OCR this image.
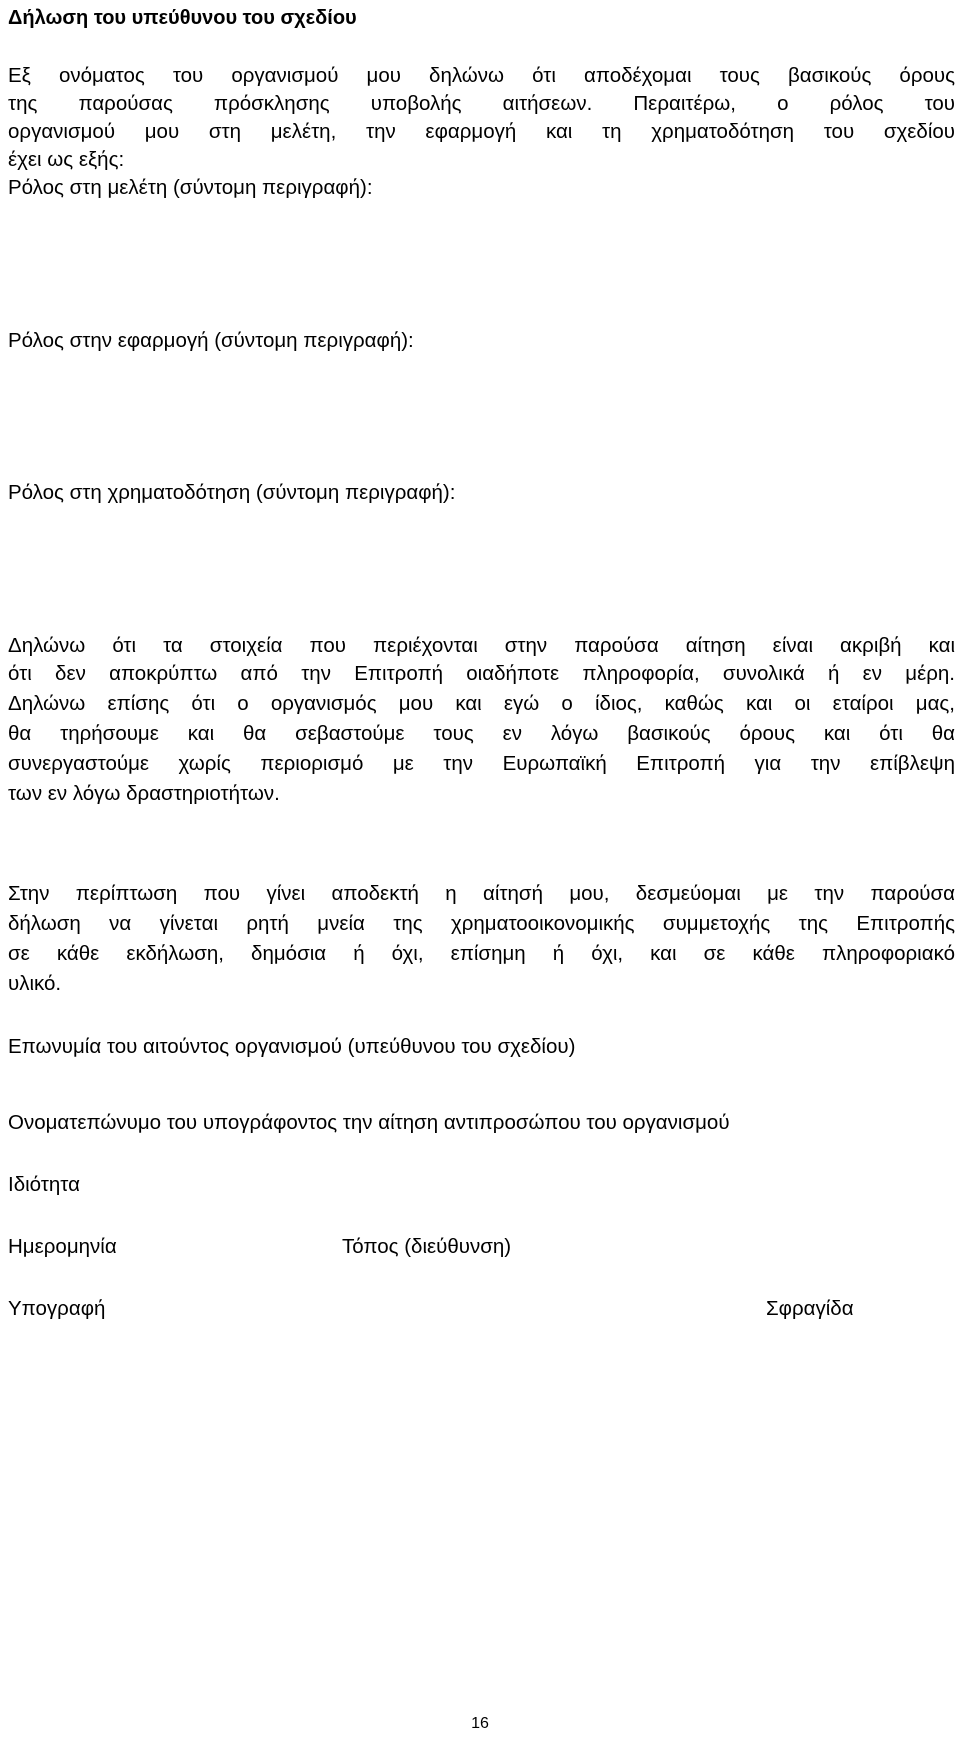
Δήλωση του υπεύθυνου του σχεδίου
Εξ ονόματος του οργανισμού μου δηλώνω ότι αποδέχομαι τους βασικούς όρους
της παρούσας πρόσκλησης υποβολής αιτήσεων. Περαιτέρω, ο ρόλος του
οργανισμού μου στη μελέτη, την εφαρμογή και τη χρηματοδότηση του σχεδίου
έχει ως εξής:
Ρόλος στη μελέτη (σύντομη περιγραφή):
Ρόλος στην εφαρμογή (σύντομη περιγραφή):
Ρόλος στη χρηματοδότηση (σύντομη περιγραφή):
Δηλώνω ότι τα στοιχεία που περιέχονται στην παρούσα αίτηση είναι ακριβή και
ότι δεν αποκρύπτω από την Επιτροπή οιαδήποτε πληροφορία, συνολικά ή εν μέρη.
Δηλώνω επίσης ότι ο οργανισμός μου και εγώ ο ίδιος, καθώς και οι εταίροι μας,
θα τηρήσουμε και θα σεβαστούμε τους εν λόγω βασικούς όρους και ότι θα
συνεργαστούμε χωρίς περιορισμό με την Ευρωπαϊκή Επιτροπή για την επίβλεψη
των εν λόγω δραστηριοτήτων.
Στην περίπτωση που γίνει αποδεκτή η αίτησή μου, δεσμεύομαι με την παρούσα
δήλωση να γίνεται ρητή μνεία της χρηματοοικονομικής συμμετοχής της Επιτροπής
σε κάθε εκδήλωση, δημόσια ή όχι, επίσημη ή όχι, και σε κάθε πληροφοριακό
υλικό.
Επωνυμία του αιτούντος οργανισμού (υπεύθυνου του σχεδίου)
Ονοματεπώνυμο του υπογράφοντος την αίτηση αντιπροσώπου του οργανισμού
Ιδιότητα
Ημερομηνία	Τόπος (διεύθυνση)
Υπογραφή	Σφραγίδα
16
